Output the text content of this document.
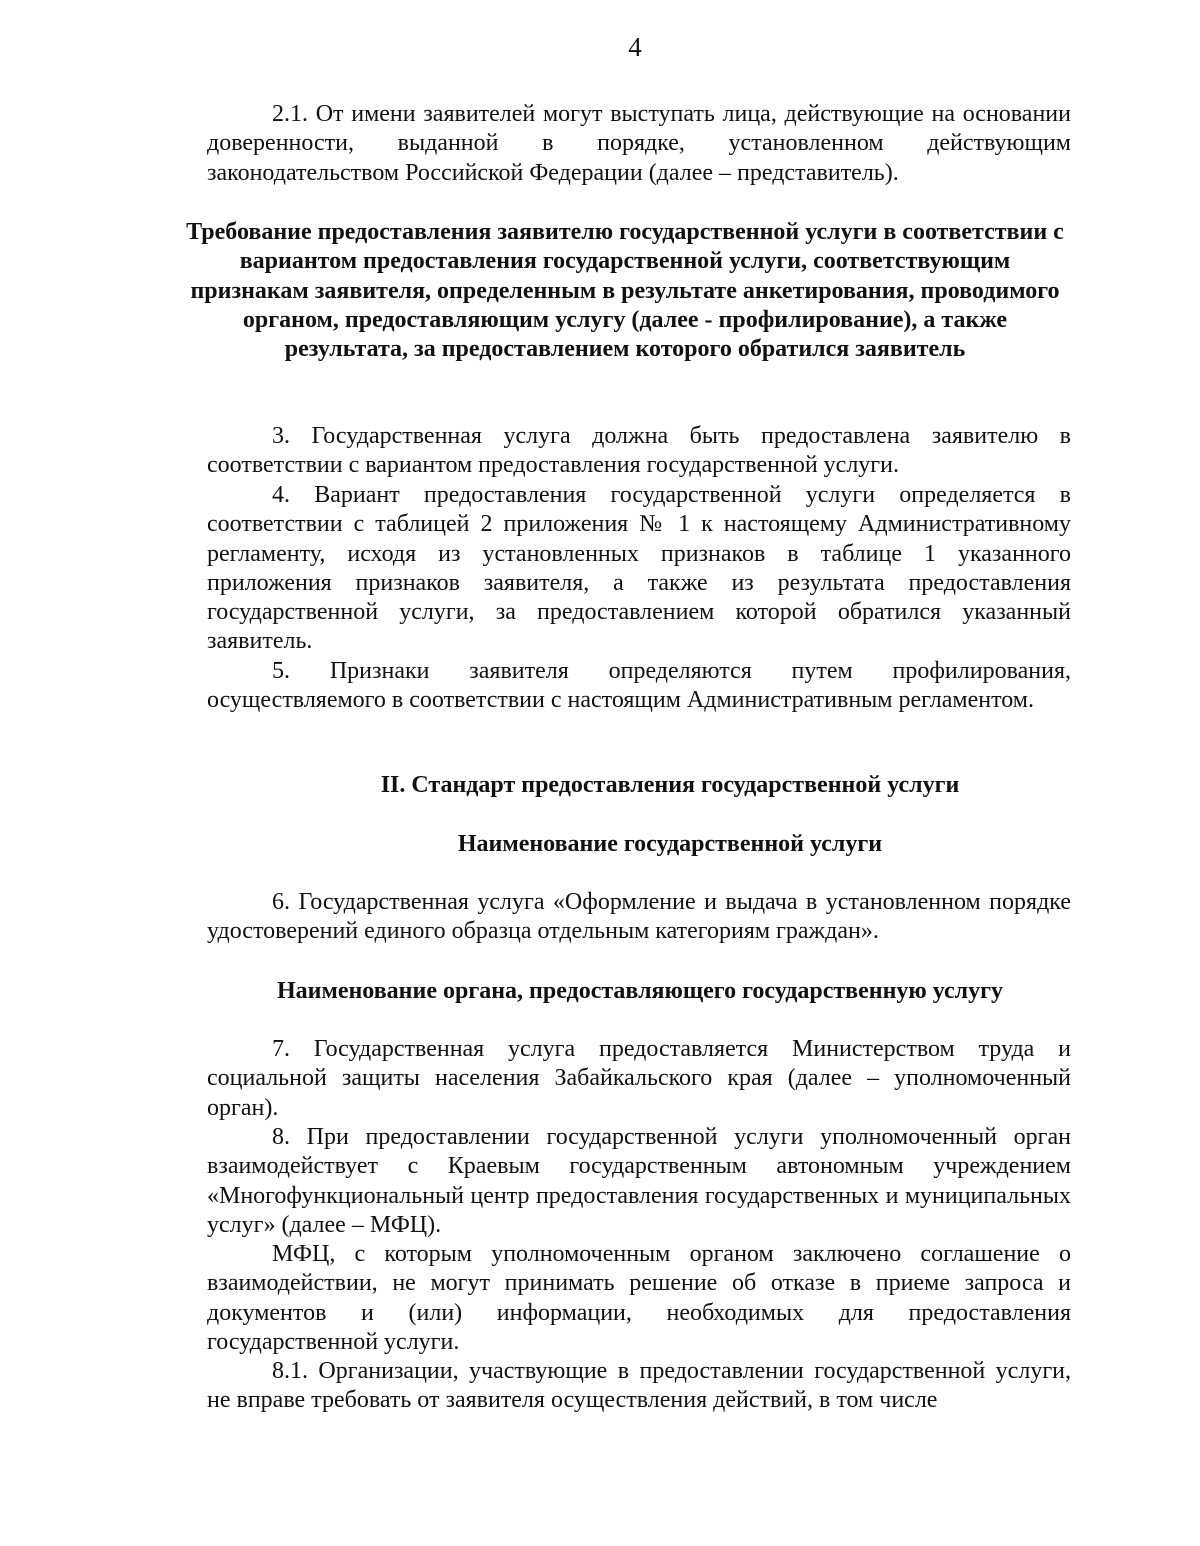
4
2.1. От имени заявителей могут выступать лица, действующие на основании доверенности, выданной в порядке, установленном действующим законодательством Российской Федерации (далее – представитель).
Требование предоставления заявителю государственной услуги в соответствии с вариантом предоставления государственной услуги, соответствующим признакам заявителя, определенным в результате анкетирования, проводимого органом, предоставляющим услугу (далее - профилирование), а также результата, за предоставлением которого обратился заявитель
3. Государственная услуга должна быть предоставлена заявителю в соответствии с вариантом предоставления государственной услуги.
4. Вариант предоставления государственной услуги определяется в соответствии с таблицей 2 приложения № 1 к настоящему Административному регламенту, исходя из установленных признаков в таблице 1 указанного приложения признаков заявителя, а также из результата предоставления государственной услуги, за предоставлением которой обратился указанный заявитель.
5. Признаки заявителя определяются путем профилирования, осуществляемого в соответствии с настоящим Административным регламентом.
II. Стандарт предоставления государственной услуги
Наименование государственной услуги
6. Государственная услуга «Оформление и выдача в установленном порядке удостоверений единого образца отдельным категориям граждан».
Наименование органа, предоставляющего государственную услугу
7. Государственная услуга предоставляется Министерством труда и социальной защиты населения Забайкальского края (далее – уполномоченный орган).
8. При предоставлении государственной услуги уполномоченный орган взаимодействует с Краевым государственным автономным учреждением «Многофункциональный центр предоставления государственных и муниципальных услуг» (далее – МФЦ).
МФЦ, с которым уполномоченным органом заключено соглашение о взаимодействии, не могут принимать решение об отказе в приеме запроса и документов и (или) информации, необходимых для предоставления государственной услуги.
8.1. Организации, участвующие в предоставлении государственной услуги, не вправе требовать от заявителя осуществления действий, в том числе
